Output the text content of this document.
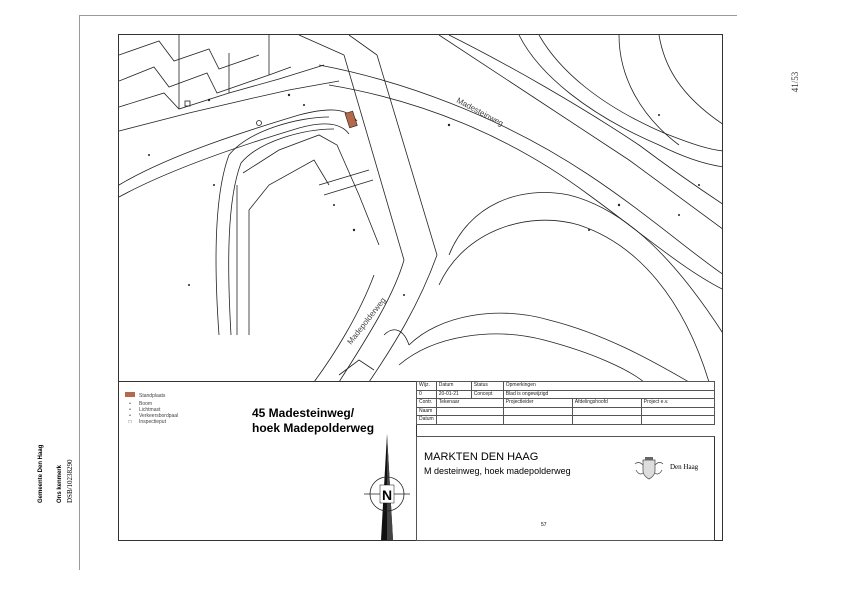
41/53
Gemeente Den Haag Ons kenmerk DSB/10238290
Madesteinweg
Madepolderweg
Standplaats
•	Boom
•	Lichtmast
•	Verkeersbordpaal
□	Inspectieput
45 Madesteinweg/
hoek Madepolderweg
N
Wijz.	Datum	Status	Opmerkingen		
0	20-01-21	Concept	Blad is ongewijzigd		
Contr.	Tekenaar		Projectleider	Afdelingshoofd	Project e.v.
Naam					
Datum					
MARKTEN DEN HAAG
M desteinweg, hoek madepolderweg	Den Haag
57
